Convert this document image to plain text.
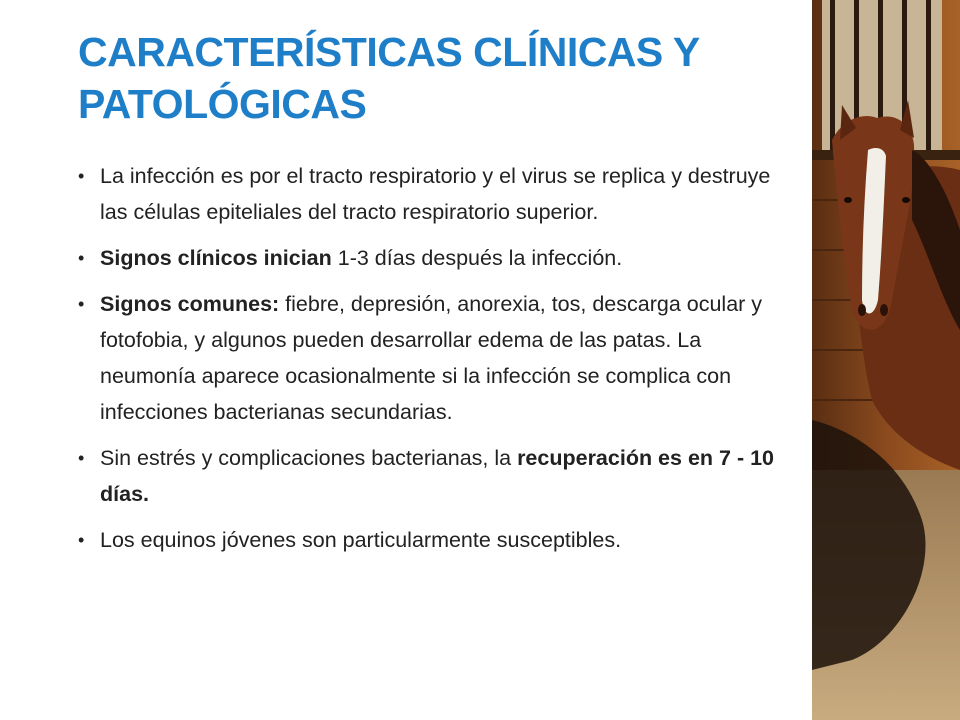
CARACTERÍSTICAS CLÍNICAS Y PATOLÓGICAS
• La infección es por el tracto respiratorio y el virus se replica y destruye las células epiteliales del tracto respiratorio superior.
• Signos clínicos inician 1-3 días después la infección.
• Signos comunes: fiebre, depresión, anorexia, tos, descarga ocular y fotofobia, y algunos pueden desarrollar edema de las patas. La neumonía aparece ocasionalmente si la infección se complica con infecciones bacterianas secundarias.
• Sin estrés y complicaciones bacterianas, la recuperación es en 7 - 10 días.
• Los equinos jóvenes son particularmente susceptibles.
